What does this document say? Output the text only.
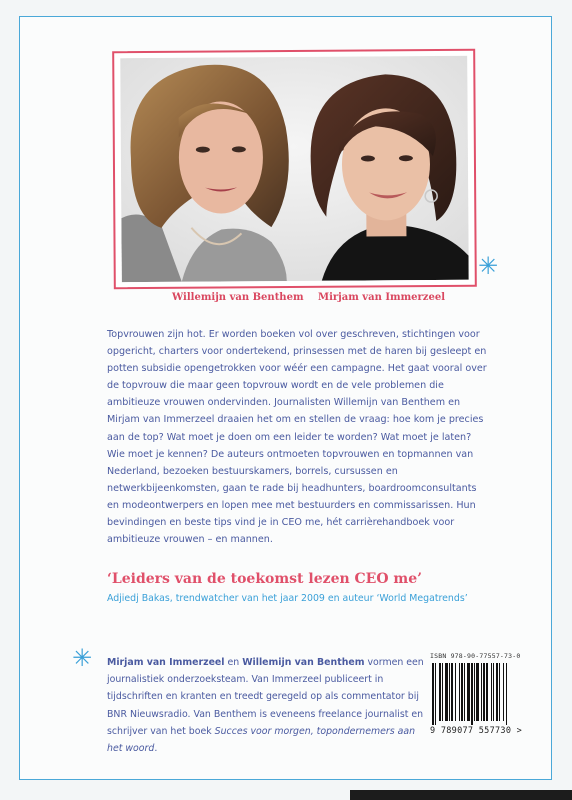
Willemijn van Benthem Mirjam van Immerzeel
✳

Topvrouwen zijn hot. Er worden boeken vol over geschreven, stichtingen voor opgericht, charters voor ondertekend, prinsessen met de haren bij gesleept en potten subsidie opengetrokken voor wéér een campagne. Het gaat vooral over de topvrouw die maar geen topvrouw wordt en de vele problemen die ambitieuze vrouwen ondervinden. Journalisten Willemijn van Benthem en Mirjam van Immerzeel draaien het om en stellen de vraag: hoe kom je precies aan de top? Wat moet je doen om een leider te worden? Wat moet je laten? Wie moet je kennen? De auteurs ontmoeten topvrouwen en topmannen van Nederland, bezoeken bestuurskamers, borrels, cursussen en netwerkbijeenkomsten, gaan te rade bij headhunters, boardroomconsultants en modeontwerpers en lopen mee met bestuurders en commissarissen. Hun bevindingen en beste tips vind je in CEO me, hét carrièrehandboek voor ambitieuze vrouwen – en mannen.

‘Leiders van de toekomst lezen CEO me’
Adjiedj Bakas, trendwatcher van het jaar 2009 en auteur ‘World Megatrends’
✳ Mirjam van Immerzeel en Willemijn van Benthem vormen een journalistiek onderzoeksteam. Van Immerzeel publiceert in tijdschriften en kranten en treedt geregeld op als commentator bij BNR Nieuwsradio. Van Benthem is eveneens freelance journalist en schrijver van het boek Succes voor morgen, topondernemers aan het woord.

ISBN 978-90-77557-73-0
9 789077 557730 >
